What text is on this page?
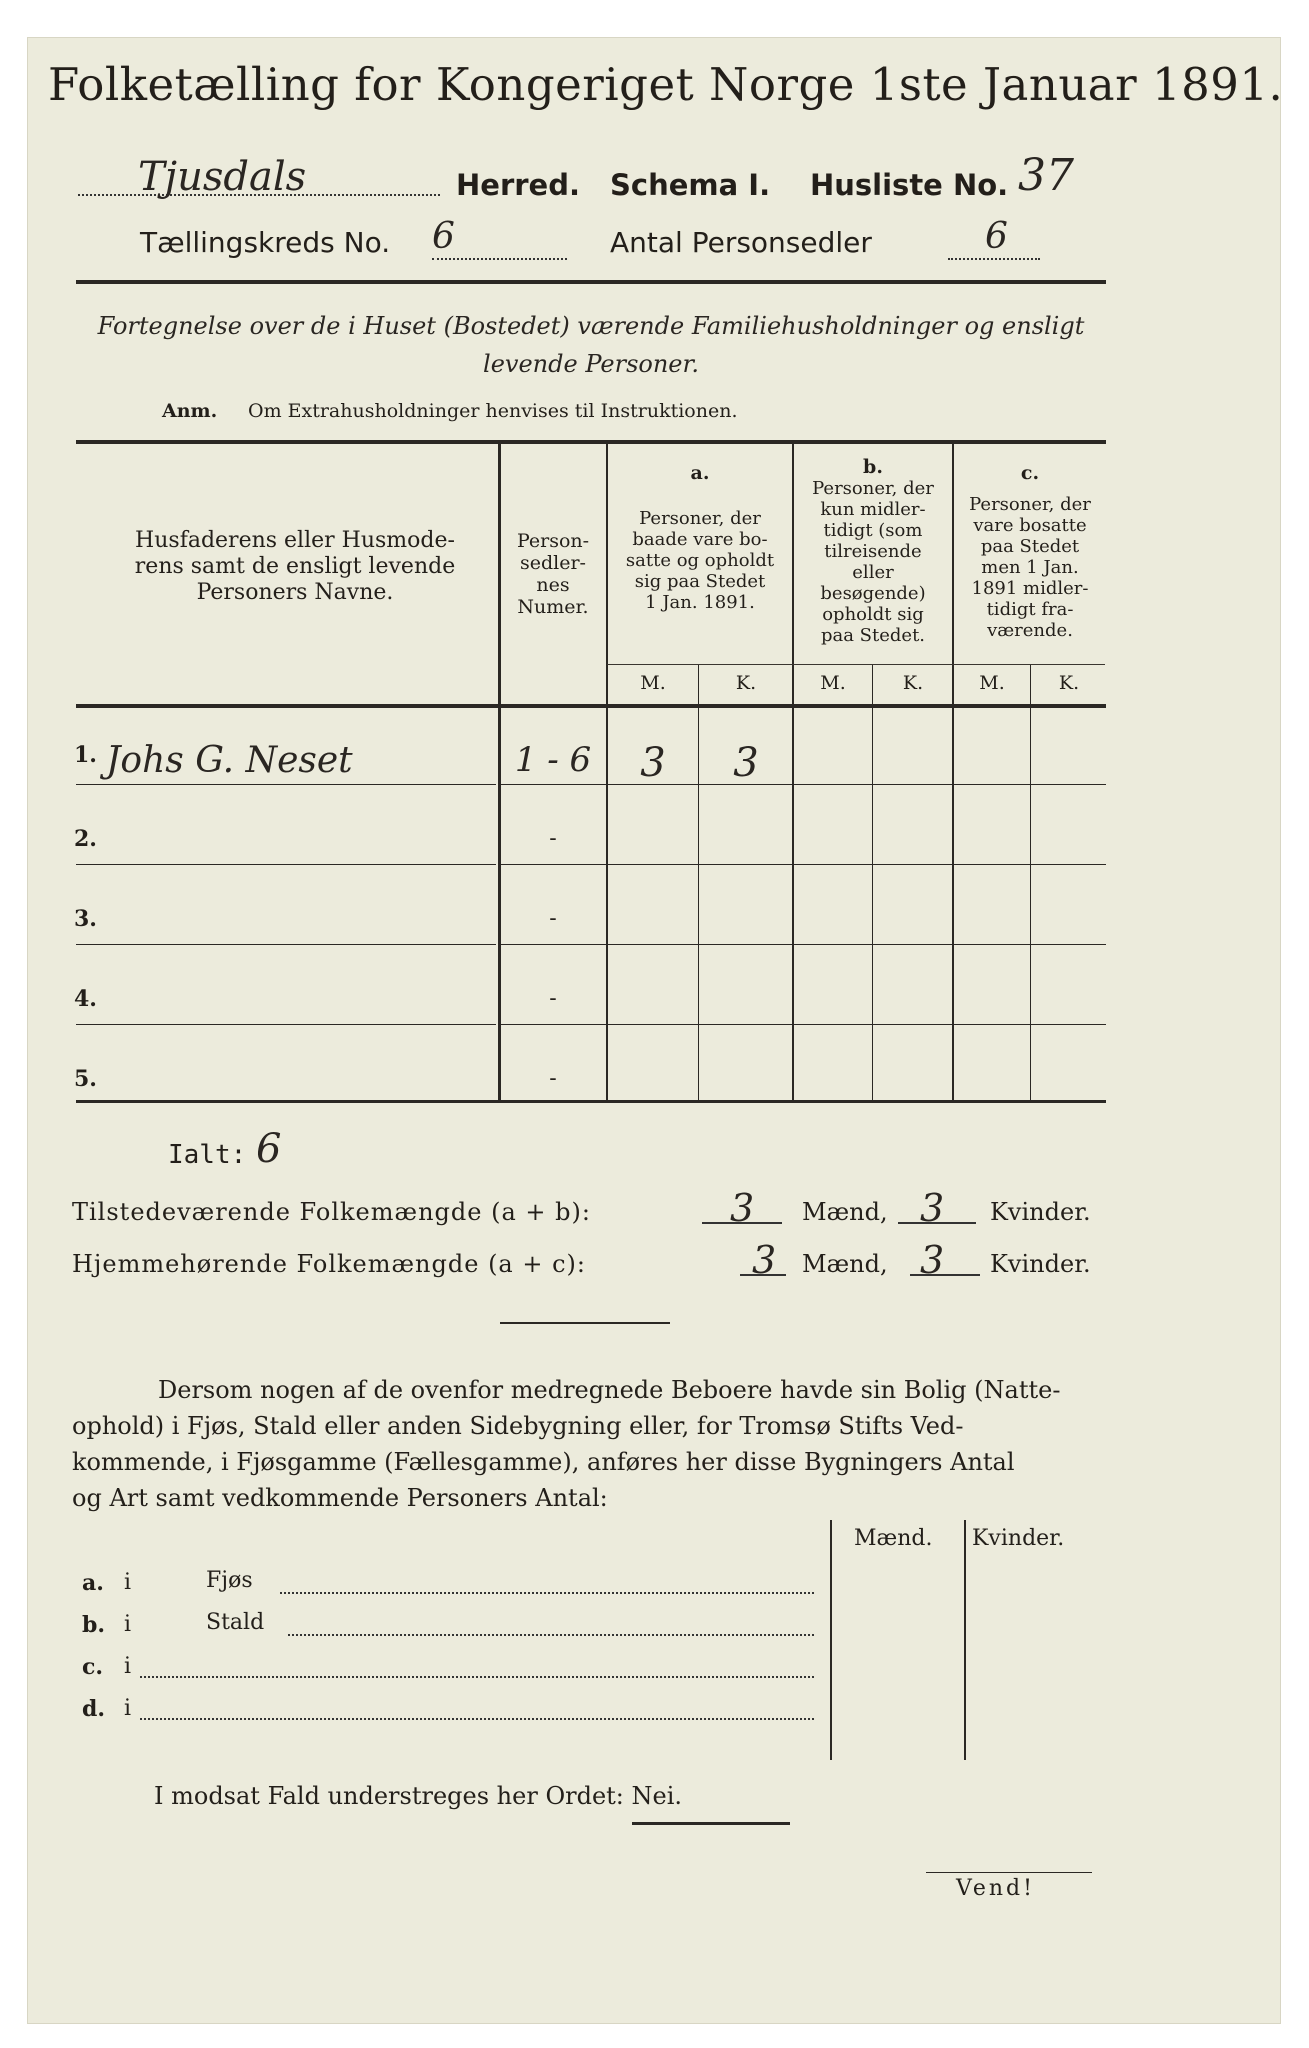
Folketælling for Kongeriget Norge 1ste Januar 1891.
Tjusdals	Herred. Schema I. Husliste No. 37
Tællingskreds No. 6	Antal Personsedler	6
Fortegnelse over de i Huset (Bostedet) værende Familiehusholdninger og ensligt
levende Personer.
Anm. Om Extrahusholdninger henvises til Instruktionen.
Husfaderens eller Husmode-
rens samt de ensligt levende
Personers Navne.
Person-
sedler-
nes
Numer.
a.
Personer, der
baade vare bo-
satte og opholdt
sig paa Stedet
1 Jan. 1891.
b.
Personer, der
kun midler-
tidigt (som
tilreisende
eller
besøgende)
opholdt sig
paa Stedet.
c.
Personer, der
vare bosatte
paa Stedet
men 1 Jan.
1891 midler-
tidigt fra-
værende.
M.	K.	M.	K.	M.	K.
1. Johs G. Neset	1 - 6	3	3
2.	-
3.	-
4.	-
5.	-
Ialt: 6
Tilstedeværende Folkemængde (a + b):	3 Mænd, 3 Kvinder.
Hjemmehørende Folkemængde (a + c):	3 Mænd, 3 Kvinder.
Dersom nogen af de ovenfor medregnede Beboere havde sin Bolig (Natte-
ophold) i Fjøs, Stald eller anden Sidebygning eller, for Tromsø Stifts Ved-
kommende, i Fjøsgamme (Fællesgamme), anføres her disse Bygningers Antal
og Art samt vedkommende Personers Antal:
Mænd. Kvinder.
a. i	Fjøs
b. i	Stald
c. i
d. i
I modsat Fald understreges her Ordet: Nei.
Vend!
